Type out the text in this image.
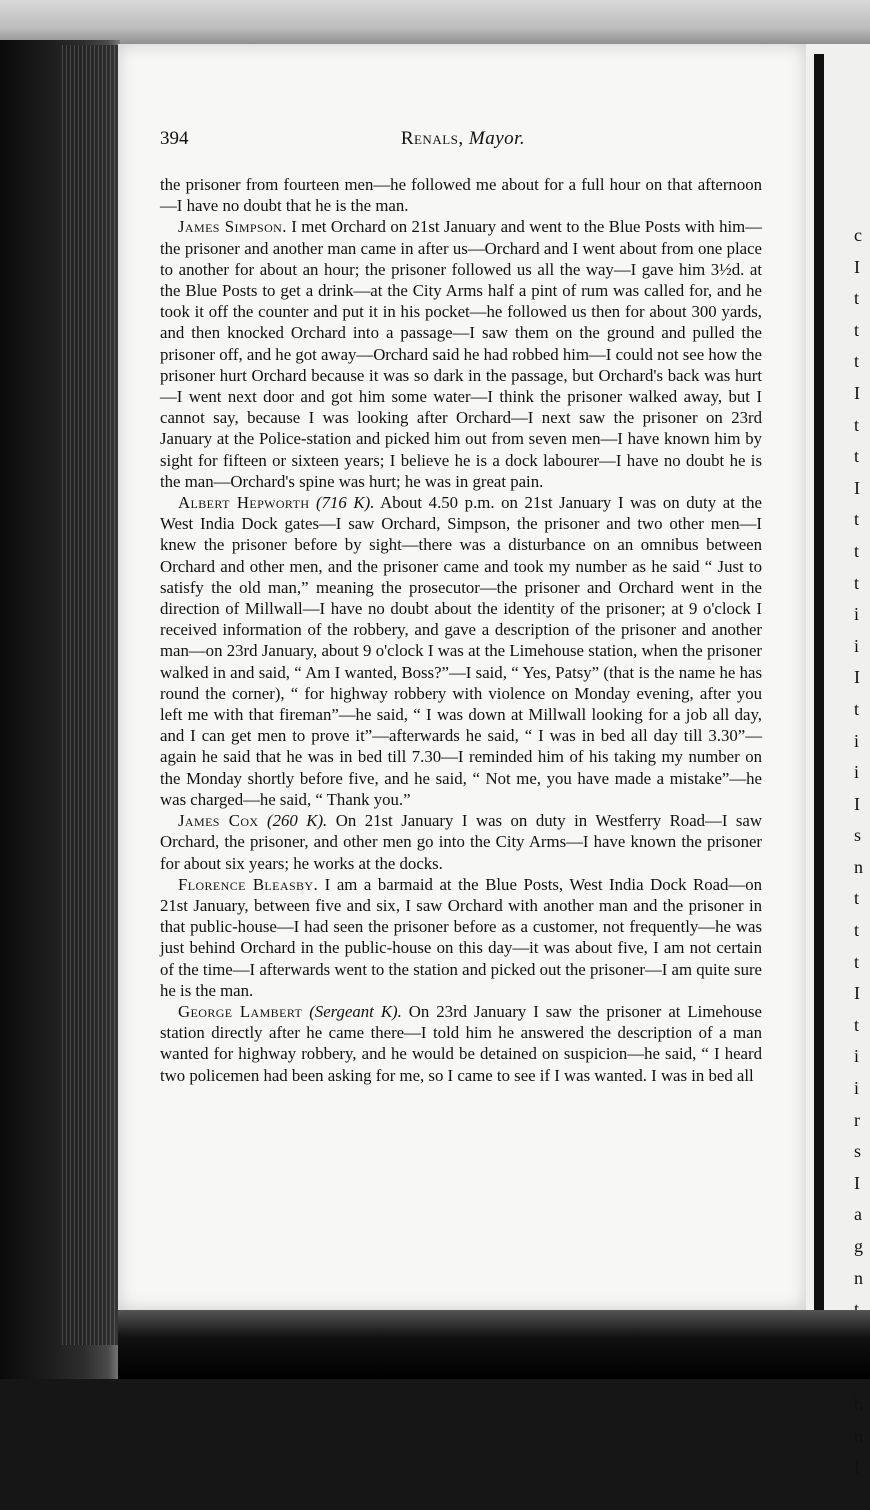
c
I
t
t
t
I
t
t
I
t
t
t
i
i
I
t
i
i
I
s
n
t
t
t
I
t
i
i
r
s
I
a
g
n

h
n
I
394	Renals, Mayor.

the prisoner from fourteen men—he followed me about for a full hour on that afternoon—I have no doubt that he is the man.

James Simpson. I met Orchard on 21st January and went to the Blue Posts with him—the prisoner and another man came in after us—Orchard and I went about from one place to another for about an hour; the prisoner followed us all the way—I gave him 3½d. at the Blue Posts to get a drink—at the City Arms half a pint of rum was called for, and he took it off the counter and put it in his pocket—he followed us then for about 300 yards, and then knocked Orchard into a passage—I saw them on the ground and pulled the prisoner off, and he got away—Orchard said he had robbed him—I could not see how the prisoner hurt Orchard because it was so dark in the passage, but Orchard's back was hurt—I went next door and got him some water—I think the prisoner walked away, but I cannot say, because I was looking after Orchard—I next saw the prisoner on 23rd January at the Police-station and picked him out from seven men—I have known him by sight for fifteen or sixteen years; I believe he is a dock labourer—I have no doubt he is the man—Orchard's spine was hurt; he was in great pain.

Albert Hepworth (716 K). About 4.50 p.m. on 21st January I was on duty at the West India Dock gates—I saw Orchard, Simpson, the prisoner and two other men—I knew the prisoner before by sight—there was a disturbance on an omnibus between Orchard and other men, and the prisoner came and took my number as he said “ Just to satisfy the old man,” meaning the prosecutor—the prisoner and Orchard went in the direction of Millwall—I have no doubt about the identity of the prisoner; at 9 o'clock I received information of the robbery, and gave a description of the prisoner and another man—on 23rd January, about 9 o'clock I was at the Limehouse station, when the prisoner walked in and said, “ Am I wanted, Boss?”—I said, “ Yes, Patsy” (that is the name he has round the corner), “ for highway robbery with violence on Monday evening, after you left me with that fireman”—he said, “ I was down at Millwall looking for a job all day, and I can get men to prove it”—afterwards he said, “ I was in bed all day till 3.30”—again he said that he was in bed till 7.30—I reminded him of his taking my number on the Monday shortly before five, and he said, “ Not me, you have made a mistake”—he was charged—he said, “ Thank you.”

James Cox (260 K). On 21st January I was on duty in Westferry Road—I saw Orchard, the prisoner, and other men go into the City Arms—I have known the prisoner for about six years; he works at the docks.

Florence Bleasby. I am a barmaid at the Blue Posts, West India Dock Road—on 21st January, between five and six, I saw Orchard with another man and the prisoner in that public-house—I had seen the prisoner before as a customer, not frequently—he was just behind Orchard in the public-house on this day—it was about five, I am not certain of the time—I afterwards went to the station and picked out the prisoner—I am quite sure he is the man.

George Lambert (Sergeant K). On 23rd January I saw the prisoner at Limehouse station directly after he came there—I told him he answered the description of a man wanted for highway robbery, and he would be detained on suspicion—he said, “ I heard two policemen had been asking for me, so I came to see if I was wanted. I was in bed all
